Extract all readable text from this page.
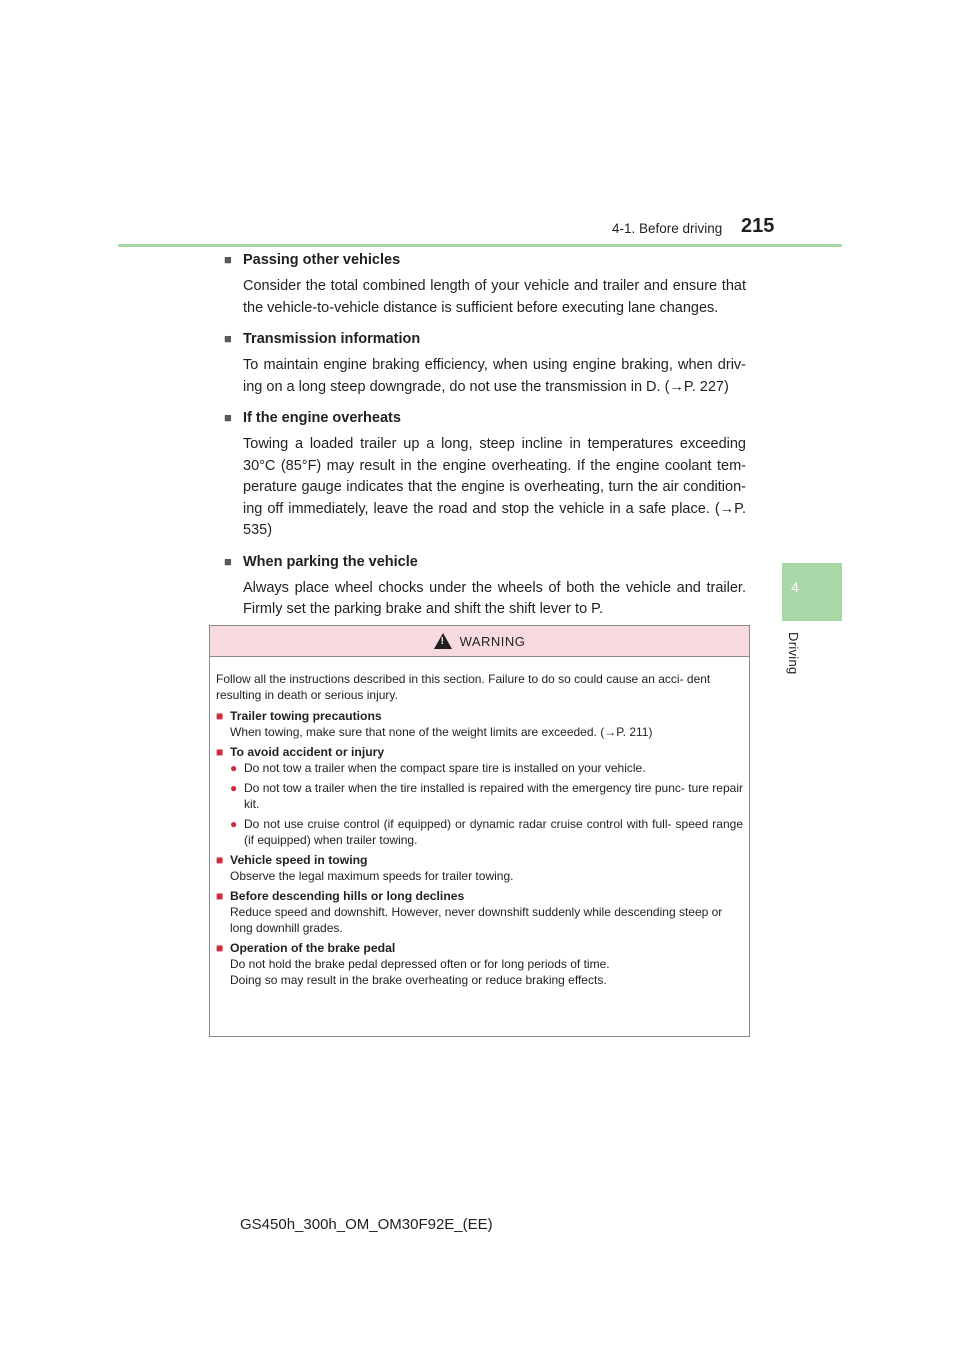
4-1. Before driving 215
4
Driving
■ Passing other vehicles
Consider the total combined length of your vehicle and trailer and ensure that the vehicle-to-vehicle distance is sufficient before executing lane changes.
■ Transmission information
To maintain engine braking efficiency, when using engine braking, when driv- ing on a long steep downgrade, do not use the transmission in D. (→P. 227)
■ If the engine overheats
Towing a loaded trailer up a long, steep incline in temperatures exceeding 30°C (85°F) may result in the engine overheating. If the engine coolant tem- perature gauge indicates that the engine is overheating, turn the air condition- ing off immediately, leave the road and stop the vehicle in a safe place. (→P. 535)
■ When parking the vehicle
Always place wheel chocks under the wheels of both the vehicle and trailer. Firmly set the parking brake and shift the shift lever to P.
! WARNING
Follow all the instructions described in this section. Failure to do so could cause an acci- dent resulting in death or serious injury.
■ Trailer towing precautions
When towing, make sure that none of the weight limits are exceeded. (→P. 211)
■ To avoid accident or injury
● Do not tow a trailer when the compact spare tire is installed on your vehicle.
● Do not tow a trailer when the tire installed is repaired with the emergency tire punc- ture repair kit.
● Do not use cruise control (if equipped) or dynamic radar cruise control with full- speed range (if equipped) when trailer towing.
■ Vehicle speed in towing
Observe the legal maximum speeds for trailer towing.
■ Before descending hills or long declines
Reduce speed and downshift. However, never downshift suddenly while descending steep or long downhill grades.
■ Operation of the brake pedal
Do not hold the brake pedal depressed often or for long periods of time.
Doing so may result in the brake overheating or reduce braking effects.
GS450h_300h_OM_OM30F92E_(EE)
